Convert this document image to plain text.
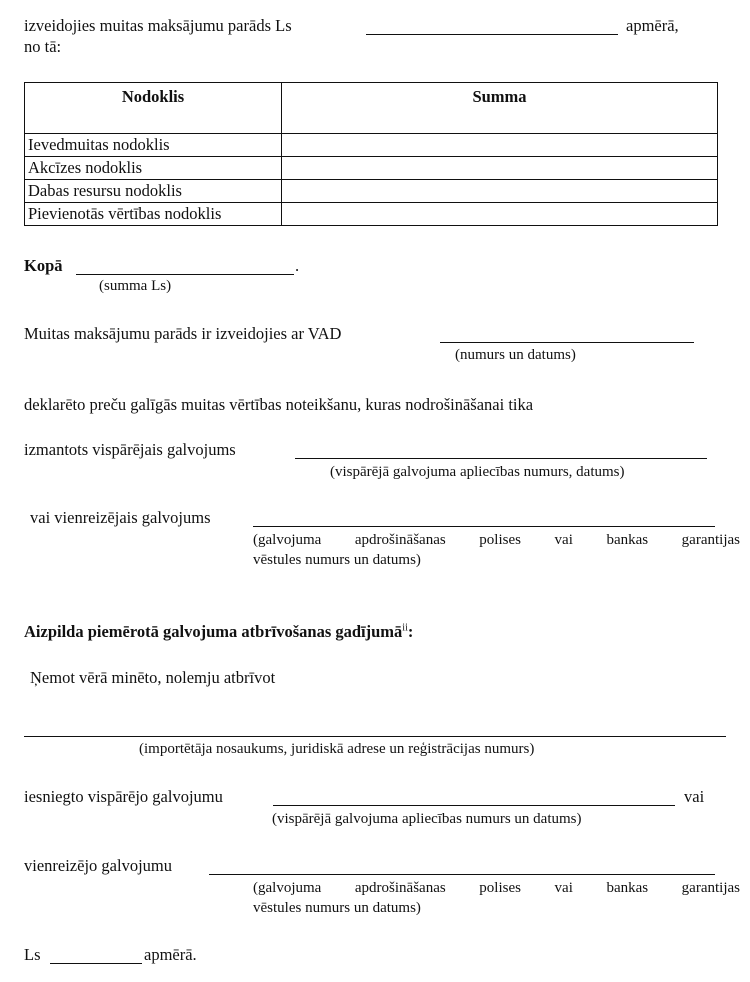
izveidojies muitas maksājumu parāds Ls	apmērā,
no tā:
Nodoklis	Summa
Ievedmuitas nodoklis	
Akcīzes nodoklis	
Dabas resursu nodoklis	
Pievienotās vērtības nodoklis	
Kopā	.
(summa Ls)
Muitas maksājumu parāds ir izveidojies ar VAD
(numurs un datums)
deklarēto preču galīgās muitas vērtības noteikšanu, kuras nodrošināšanai tika
izmantots vispārējais galvojums
(vispārējā galvojuma apliecības numurs, datums)
vai vienreizējais galvojums
(galvojuma apdrošināšanas polises vai bankas garantijas
vēstules numurs un datums)
Aizpilda piemērotā galvojuma atbrīvošanas gadījumā$^{ii}$:
Ņemot vērā minēto, nolemju atbrīvot
(importētāja nosaukums, juridiskā adrese un reģistrācijas numurs)
iesniegto vispārējo galvojumu	vai
(vispārējā galvojuma apliecības numurs un datums)
vienreizējo galvojumu
(galvojuma apdrošināšanas polises vai bankas garantijas
vēstules numurs un datums)
Ls	apmērā.
